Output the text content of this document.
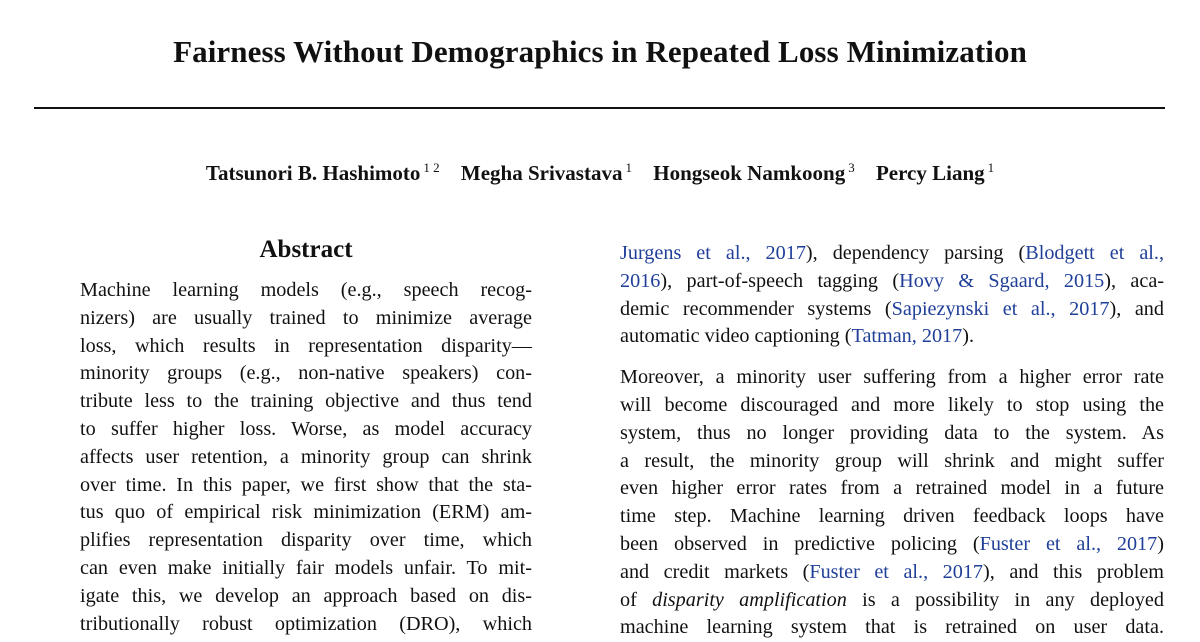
Fairness Without Demographics in Repeated Loss Minimization
Tatsunori B. Hashimoto $^{1 2}$ Megha Srivastava $^1$ Hongseok Namkoong $^3$ Percy Liang $^1$
Abstract
Machine learning models (e.g., speech recog-
nizers) are usually trained to minimize average
loss, which results in representation disparity—
minority groups (e.g., non-native speakers) con-
tribute less to the training objective and thus tend
to suffer higher loss. Worse, as model accuracy
affects user retention, a minority group can shrink
over time. In this paper, we first show that the sta-
tus quo of empirical risk minimization (ERM) am-
plifies representation disparity over time, which
can even make initially fair models unfair. To mit-
igate this, we develop an approach based on dis-
tributionally robust optimization (DRO), which
Jurgens et al., 2017), dependency parsing (Blodgett et al.,
2016), part-of-speech tagging (Hovy & Sgaard, 2015), aca-
demic recommender systems (Sapiezynski et al., 2017), and
automatic video captioning (Tatman, 2017).
Moreover, a minority user suffering from a higher error rate
will become discouraged and more likely to stop using the
system, thus no longer providing data to the system. As
a result, the minority group will shrink and might suffer
even higher error rates from a retrained model in a future
time step. Machine learning driven feedback loops have
been observed in predictive policing (Fuster et al., 2017)
and credit markets (Fuster et al., 2017), and this problem
of disparity amplification is a possibility in any deployed
machine learning system that is retrained on user data.
